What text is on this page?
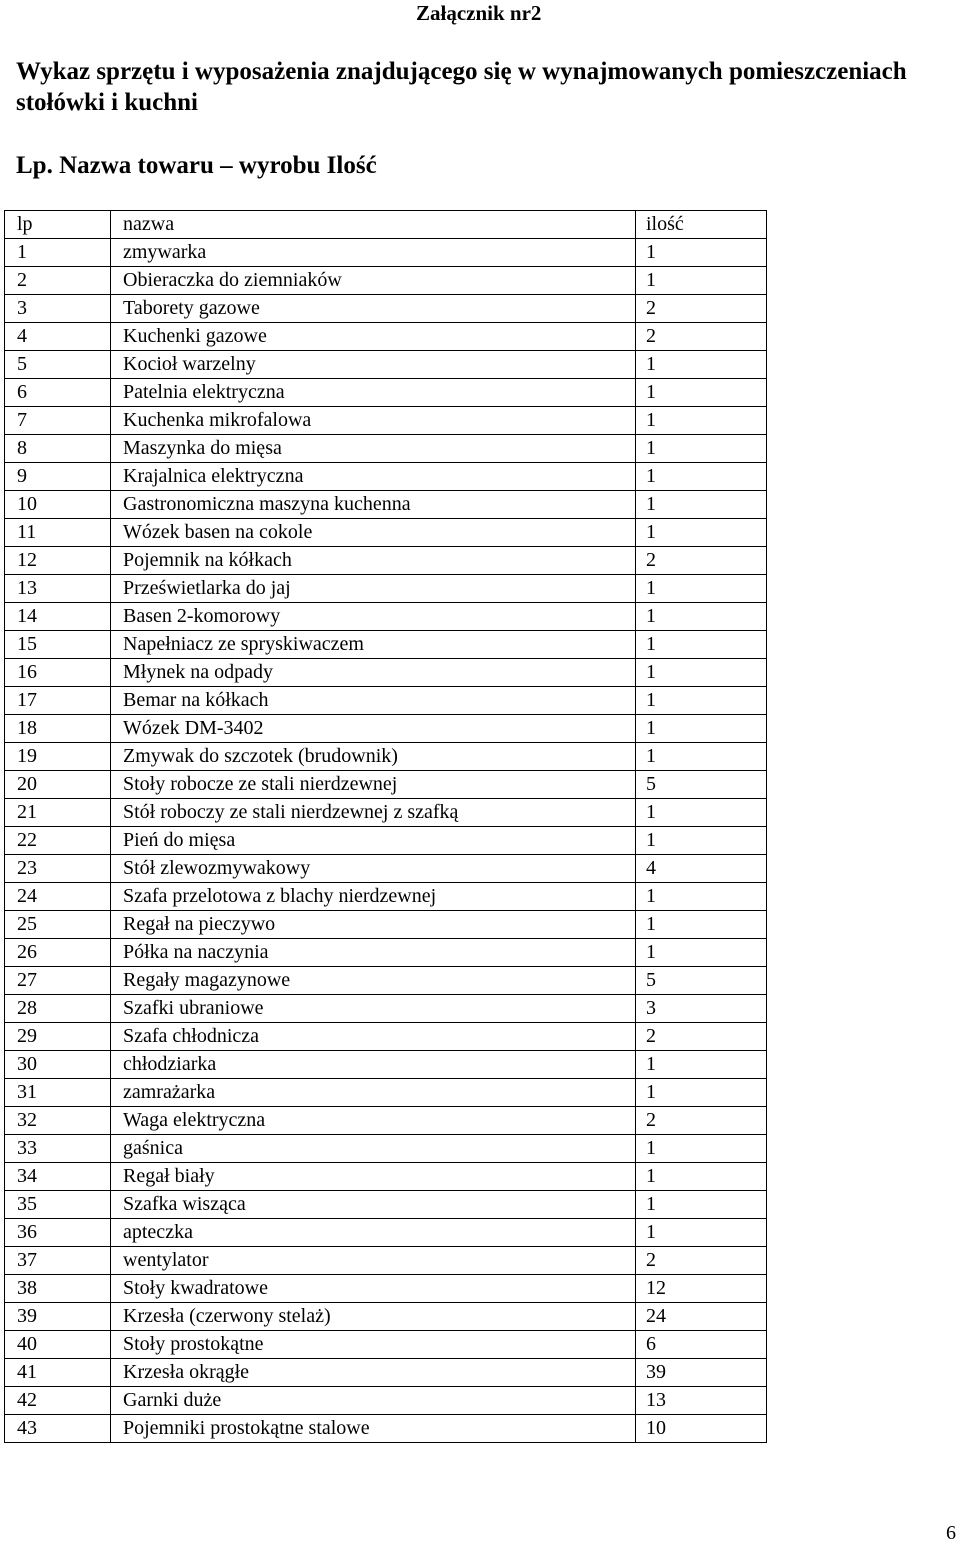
Załącznik nr2
Wykaz sprzętu i wyposażenia znajdującego się w wynajmowanych pomieszczeniach stołówki i kuchni
Lp. Nazwa towaru – wyrobu Ilość
lp	nazwa	ilość
1	zmywarka	1
2	Obieraczka do ziemniaków	1
3	Taborety gazowe	2
4	Kuchenki gazowe	2
5	Kocioł warzelny	1
6	Patelnia elektryczna	1
7	Kuchenka mikrofalowa	1
8	Maszynka do mięsa	1
9	Krajalnica elektryczna	1
10	Gastronomiczna maszyna kuchenna	1
11	Wózek basen na cokole	1
12	Pojemnik na kółkach	2
13	Prześwietlarka do jaj	1
14	Basen 2-komorowy	1
15	Napełniacz ze spryskiwaczem	1
16	Młynek na odpady	1
17	Bemar na kółkach	1
18	Wózek DM-3402	1
19	Zmywak do szczotek (brudownik)	1
20	Stoły robocze ze stali nierdzewnej	5
21	Stół roboczy ze stali nierdzewnej z szafką	1
22	Pień do mięsa	1
23	Stół zlewozmywakowy	4
24	Szafa przelotowa z blachy nierdzewnej	1
25	Regał na pieczywo	1
26	Półka na naczynia	1
27	Regały magazynowe	5
28	Szafki ubraniowe	3
29	Szafa chłodnicza	2
30	chłodziarka	1
31	zamrażarka	1
32	Waga elektryczna	2
33	gaśnica	1
34	Regał biały	1
35	Szafka wisząca	1
36	apteczka	1
37	wentylator	2
38	Stoły kwadratowe	12
39	Krzesła (czerwony stelaż)	24
40	Stoły prostokątne	6
41	Krzesła okrągłe	39
42	Garnki duże	13
43	Pojemniki prostokątne stalowe	10
6
